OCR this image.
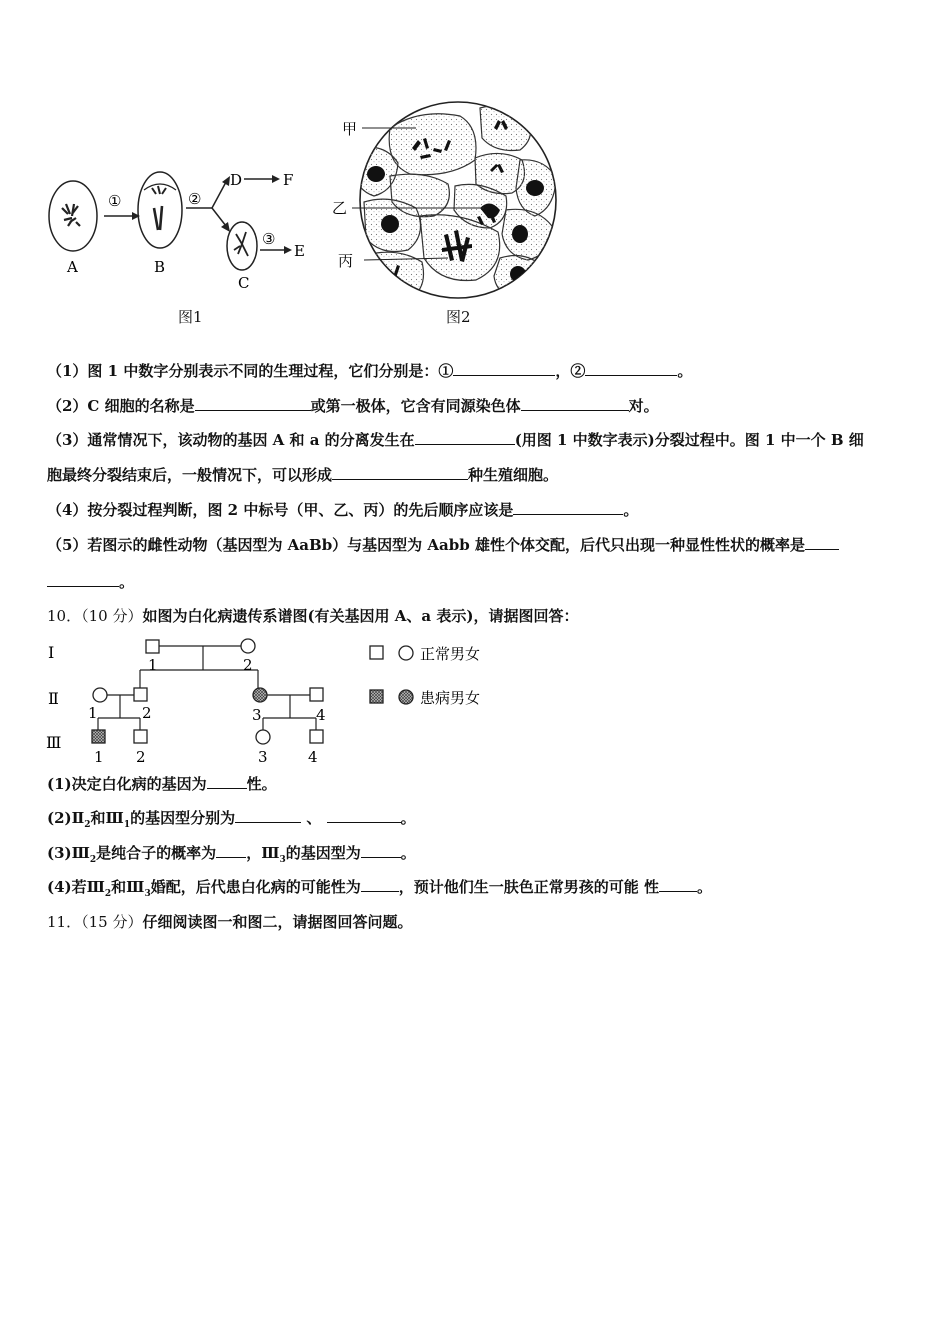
A
①
B
②
D	F
C
③
E
图1
甲
乙
丙
图2
（1）图 1 中数字分别表示不同的生理过程，它们分别是：①	，②	。
（2）C 细胞的名称是	或第一极体，它含有同源染色体	对。
（3）通常情况下，该动物的基因 A 和 a 的分离发生在	(用图 1 中数字表示)分裂过程中。图 1 中一个 B 细
胞最终分裂结束后，一般情况下，可以形成	种生殖细胞。
（4）按分裂过程判断，图 2 中标号（甲、乙、丙）的先后顺序应该是	。
（5）若图示的雌性动物（基因型为 AaBb）与基因型为 Aabb 雄性个体交配，后代只出现一种显性性状的概率是
。
10．（10 分）如图为白化病遗传系谱图(有关基因用 A、a 表示)，请据图回答：
Ⅰ
Ⅱ
Ⅲ
1	2
1	2	3	4
1 2	3	4
正常男女
患病男女
(1)决定白化病的基因为	性。
$(2)Ⅱ_2$和$Ⅲ_1$的基因型分别为	、	。
$(3)Ⅲ_2$是纯合子的概率为 ，$Ⅲ_3$的基因型为	。
(4)若$Ⅲ_2$和$Ⅲ_3$婚配，后代患白化病的可能性为	，预计他们生一肤色正常男孩的可能 性	。
11．（15 分）仔细阅读图一和图二，请据图回答问题。
